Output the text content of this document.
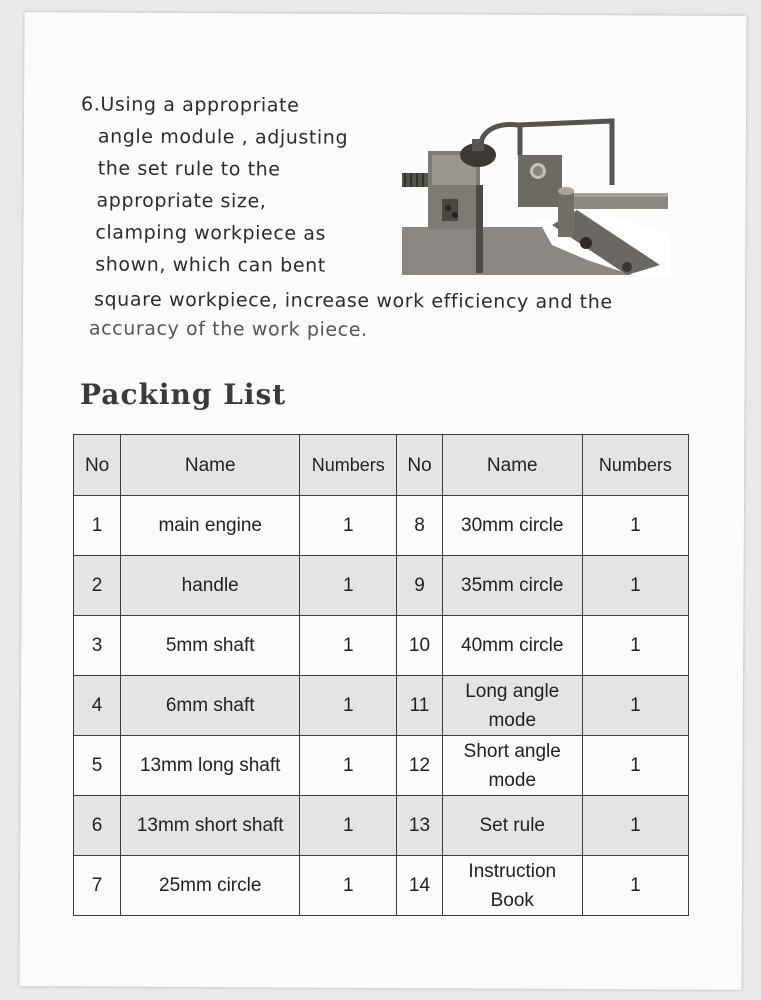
6.Using a appropriate
angle module , adjusting
the set rule to the
appropriate size,
clamping workpiece as
shown, which can bent
square workpiece, increase work efficiency and the
accuracy of the work piece.
Packing List
No	Name	Numbers	No	Name	Numbers
1	main engine	1	8	30mm circle	1
2	handle	1	9	35mm circle	1
3	5mm shaft	1	10	40mm circle	1
4	6mm shaft	1	11	Long angle mode	1
5	13mm long shaft	1	12	Short angle mode	1
6	13mm short shaft	1	13	Set rule	1
7	25mm circle	1	14	Instruction Book	1
